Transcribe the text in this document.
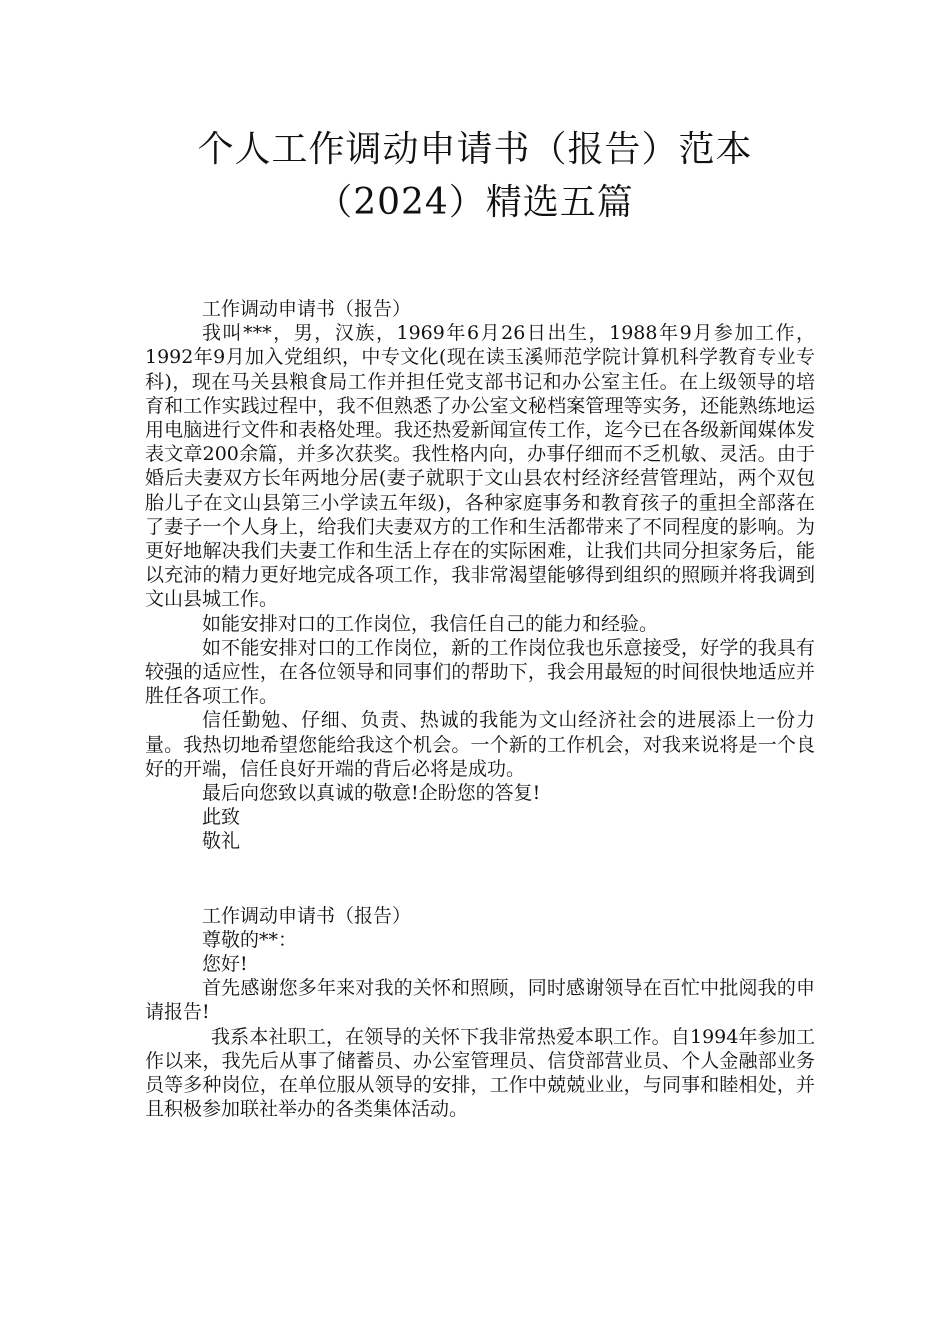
个人工作调动申请书（报告）范本
（2024）精选五篇

工作调动申请书（报告）

我叫***，男，汉族，1969年6月26日出生，1988年9月参加工作，1992年9月加入党组织，中专文化(现在读玉溪师范学院计算机科学教育专业专科)，现在马关县粮食局工作并担任党支部书记和办公室主任。在上级领导的培育和工作实践过程中，我不但熟悉了办公室文秘档案管理等实务，还能熟练地运用电脑进行文件和表格处理。我还热爱新闻宣传工作，迄今已在各级新闻媒体发表文章200余篇，并多次获奖。我性格内向，办事仔细而不乏机敏、灵活。由于婚后夫妻双方长年两地分居(妻子就职于文山县农村经济经营管理站，两个双包胎儿子在文山县第三小学读五年级)，各种家庭事务和教育孩子的重担全部落在了妻子一个人身上，给我们夫妻双方的工作和生活都带来了不同程度的影响。为更好地解决我们夫妻工作和生活上存在的实际困难，让我们共同分担家务后，能以充沛的精力更好地完成各项工作，我非常渴望能够得到组织的照顾并将我调到文山县城工作。

如能安排对口的工作岗位，我信任自己的能力和经验。

如不能安排对口的工作岗位，新的工作岗位我也乐意接受，好学的我具有较强的适应性，在各位领导和同事们的帮助下，我会用最短的时间很快地适应并胜任各项工作。

信任勤勉、仔细、负责、热诚的我能为文山经济社会的进展添上一份力量。我热切地希望您能给我这个机会。一个新的工作机会，对我来说将是一个良好的开端，信任良好开端的背后必将是成功。

最后向您致以真诚的敬意!企盼您的答复!

此致

敬礼

工作调动申请书（报告）

尊敬的**：

您好!

首先感谢您多年来对我的关怀和照顾，同时感谢领导在百忙中批阅我的申请报告!

我系本社职工，在领导的关怀下我非常热爱本职工作。自1994年参加工作以来，我先后从事了储蓄员、办公室管理员、信贷部营业员、个人金融部业务员等多种岗位，在单位服从领导的安排，工作中兢兢业业，与同事和睦相处，并且积极参加联社举办的各类集体活动。
